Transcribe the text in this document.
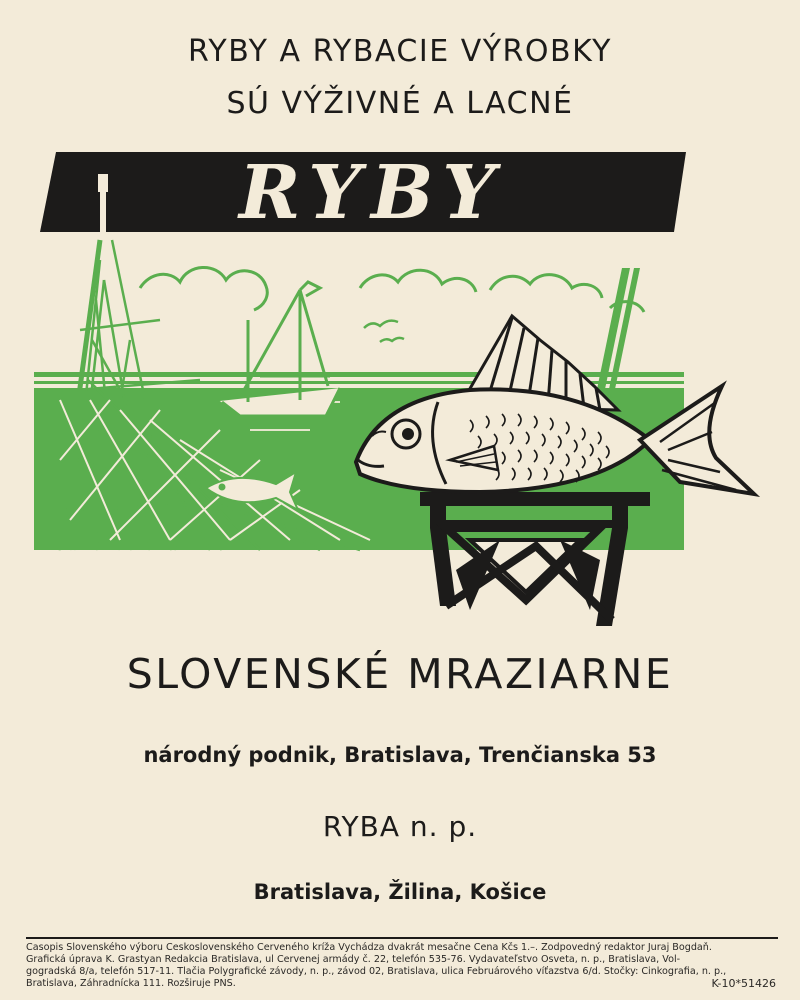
RYBY A RYBACIE VÝROBKY
SÚ VÝŽIVNÉ A LACNÉ
RYBY
SLOVENSKÉ MRAZIARNE
národný podnik, Bratislava, Trenčianska 53
RYBA n. p.
Bratislava, Žilina, Košice
Časopis Slovenského výboru Československého Červeného kríža Vychádza dvakrát mesačne Cena Kčs 1.–. Zodpovedný redaktor Juraj Bogdaň.
Grafická úprava K. Grastyan Redakcia Bratislava, ul Červenej armády č. 22, telefón 535-76. Vydavateľstvo Osveta, n. p., Bratislava, Vol-
gogradská 8/a, telefón 517-11. Tlačia Polygrafické závody, n. p., závod 02, Bratislava, ulica Februárového víťazstva 6/d. Štočky: Cinkografia, n. p.,
Bratislava, Záhradnícka 111. Rozširuje PNS.	K-10*51426
